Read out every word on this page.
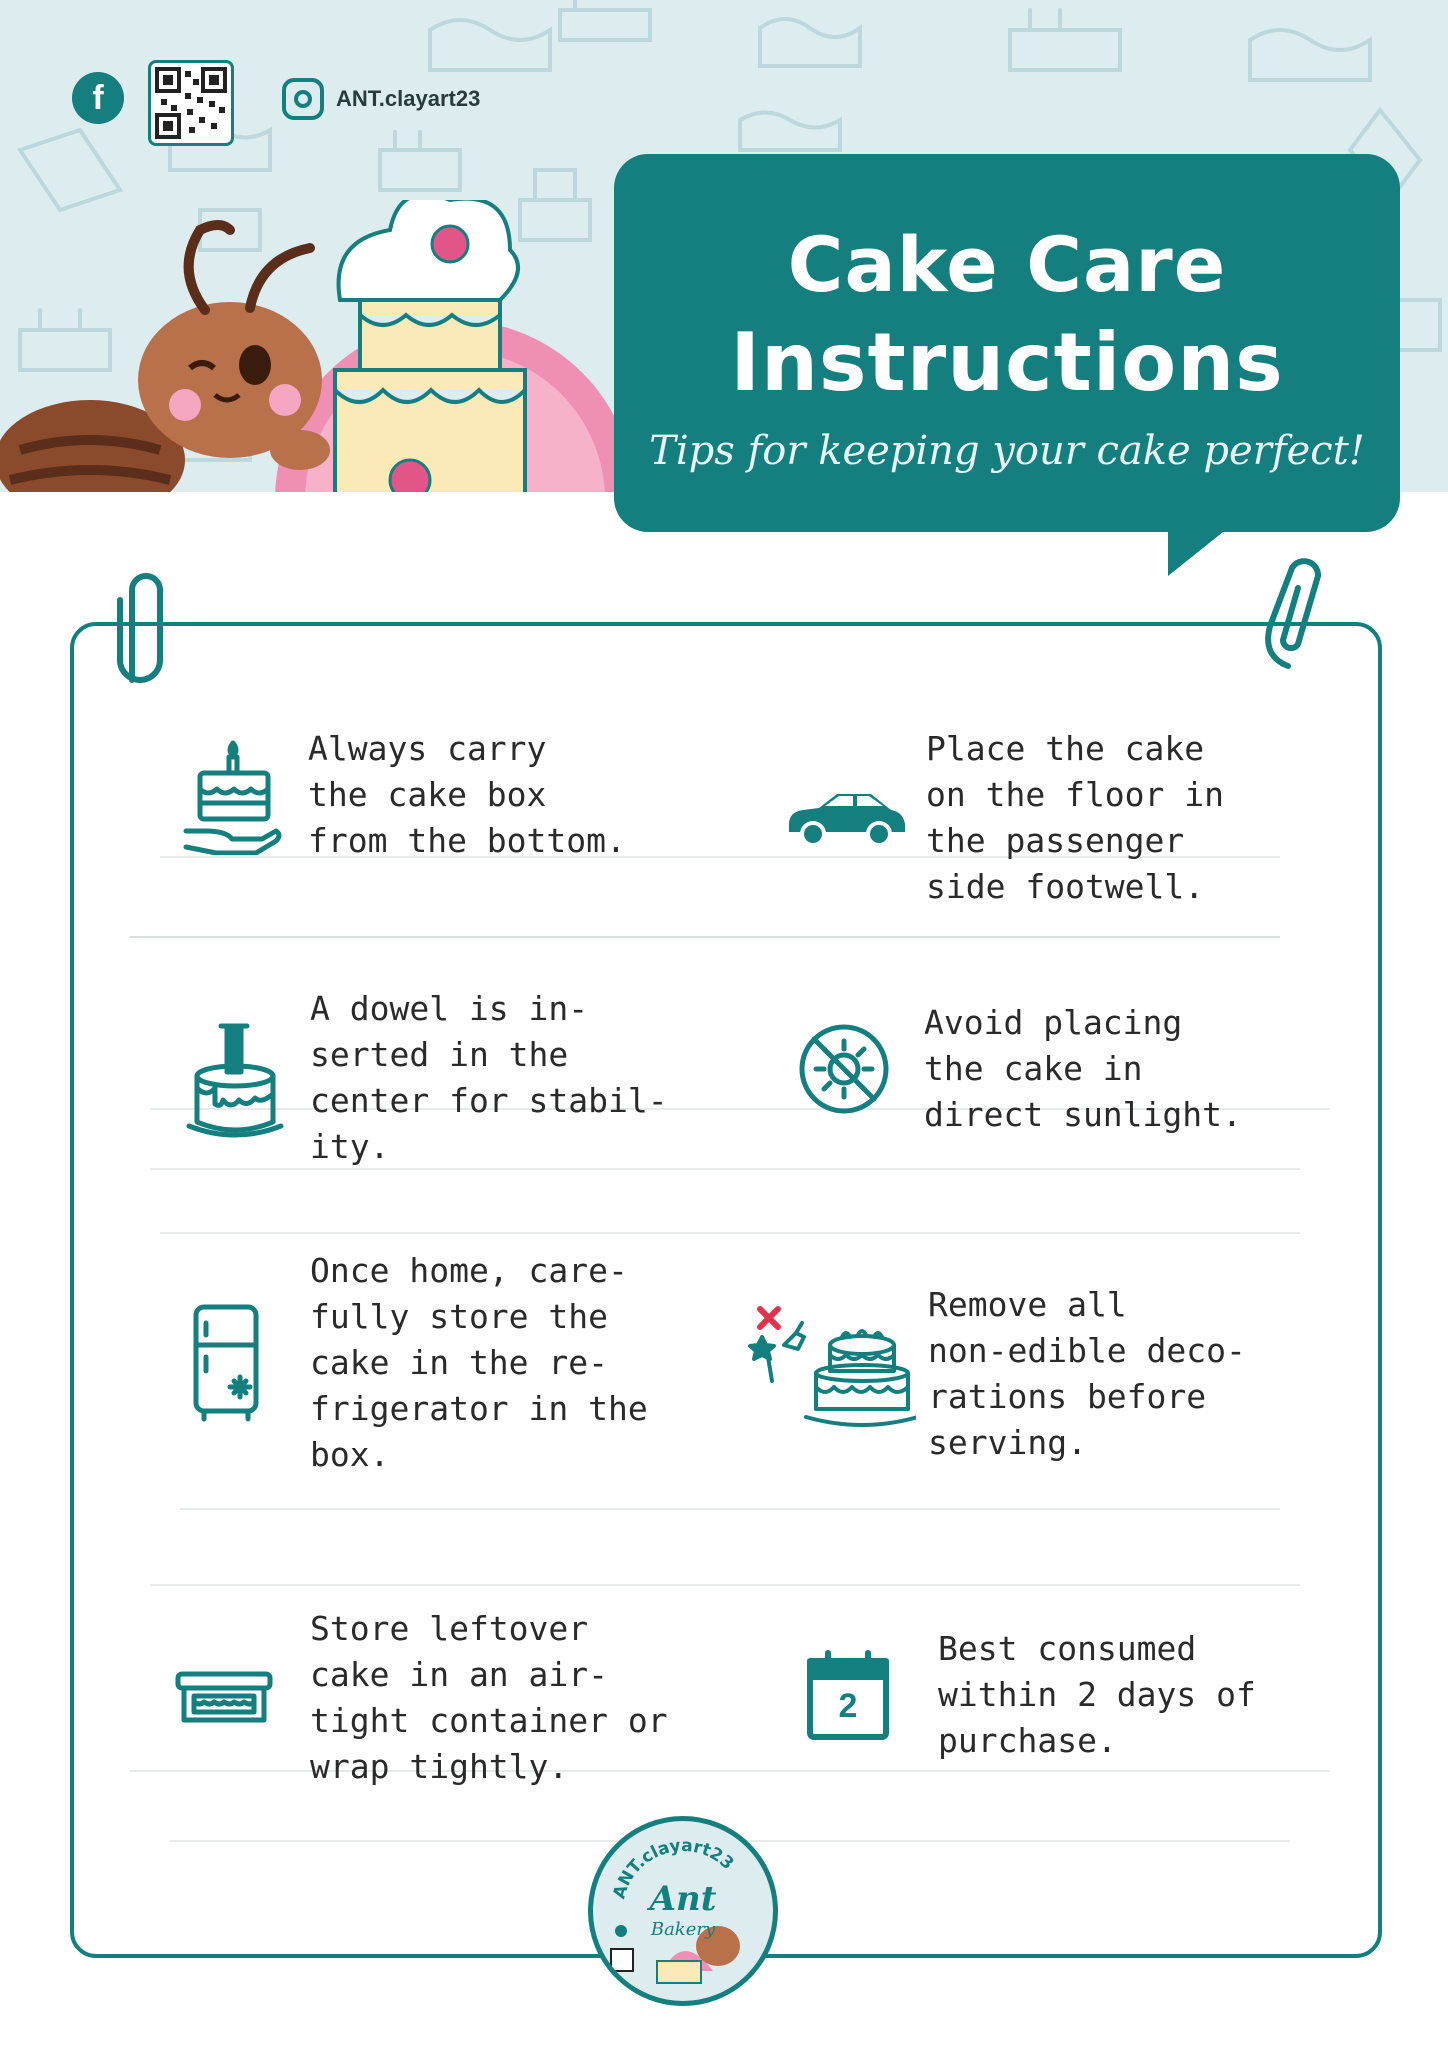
f	ANT.clayart23
Cake Care
Instructions
Tips for keeping your cake perfect!
Always carry
the cake box
from the bottom.
A dowel is in-
serted in the
center for stabil-
ity.
Once home, care-
fully store the
cake in the re-
frigerator in the
box.
Store leftover
cake in an air-
tight container or
wrap tightly.
Place the cake
on the floor in
the passenger
side footwell.
Avoid placing
the cake in
direct sunlight.
Remove all
non-edible deco-
rations before
serving.
2
Best consumed
within 2 days of
purchase.
ANT.clayart23
Ant
Bakery
